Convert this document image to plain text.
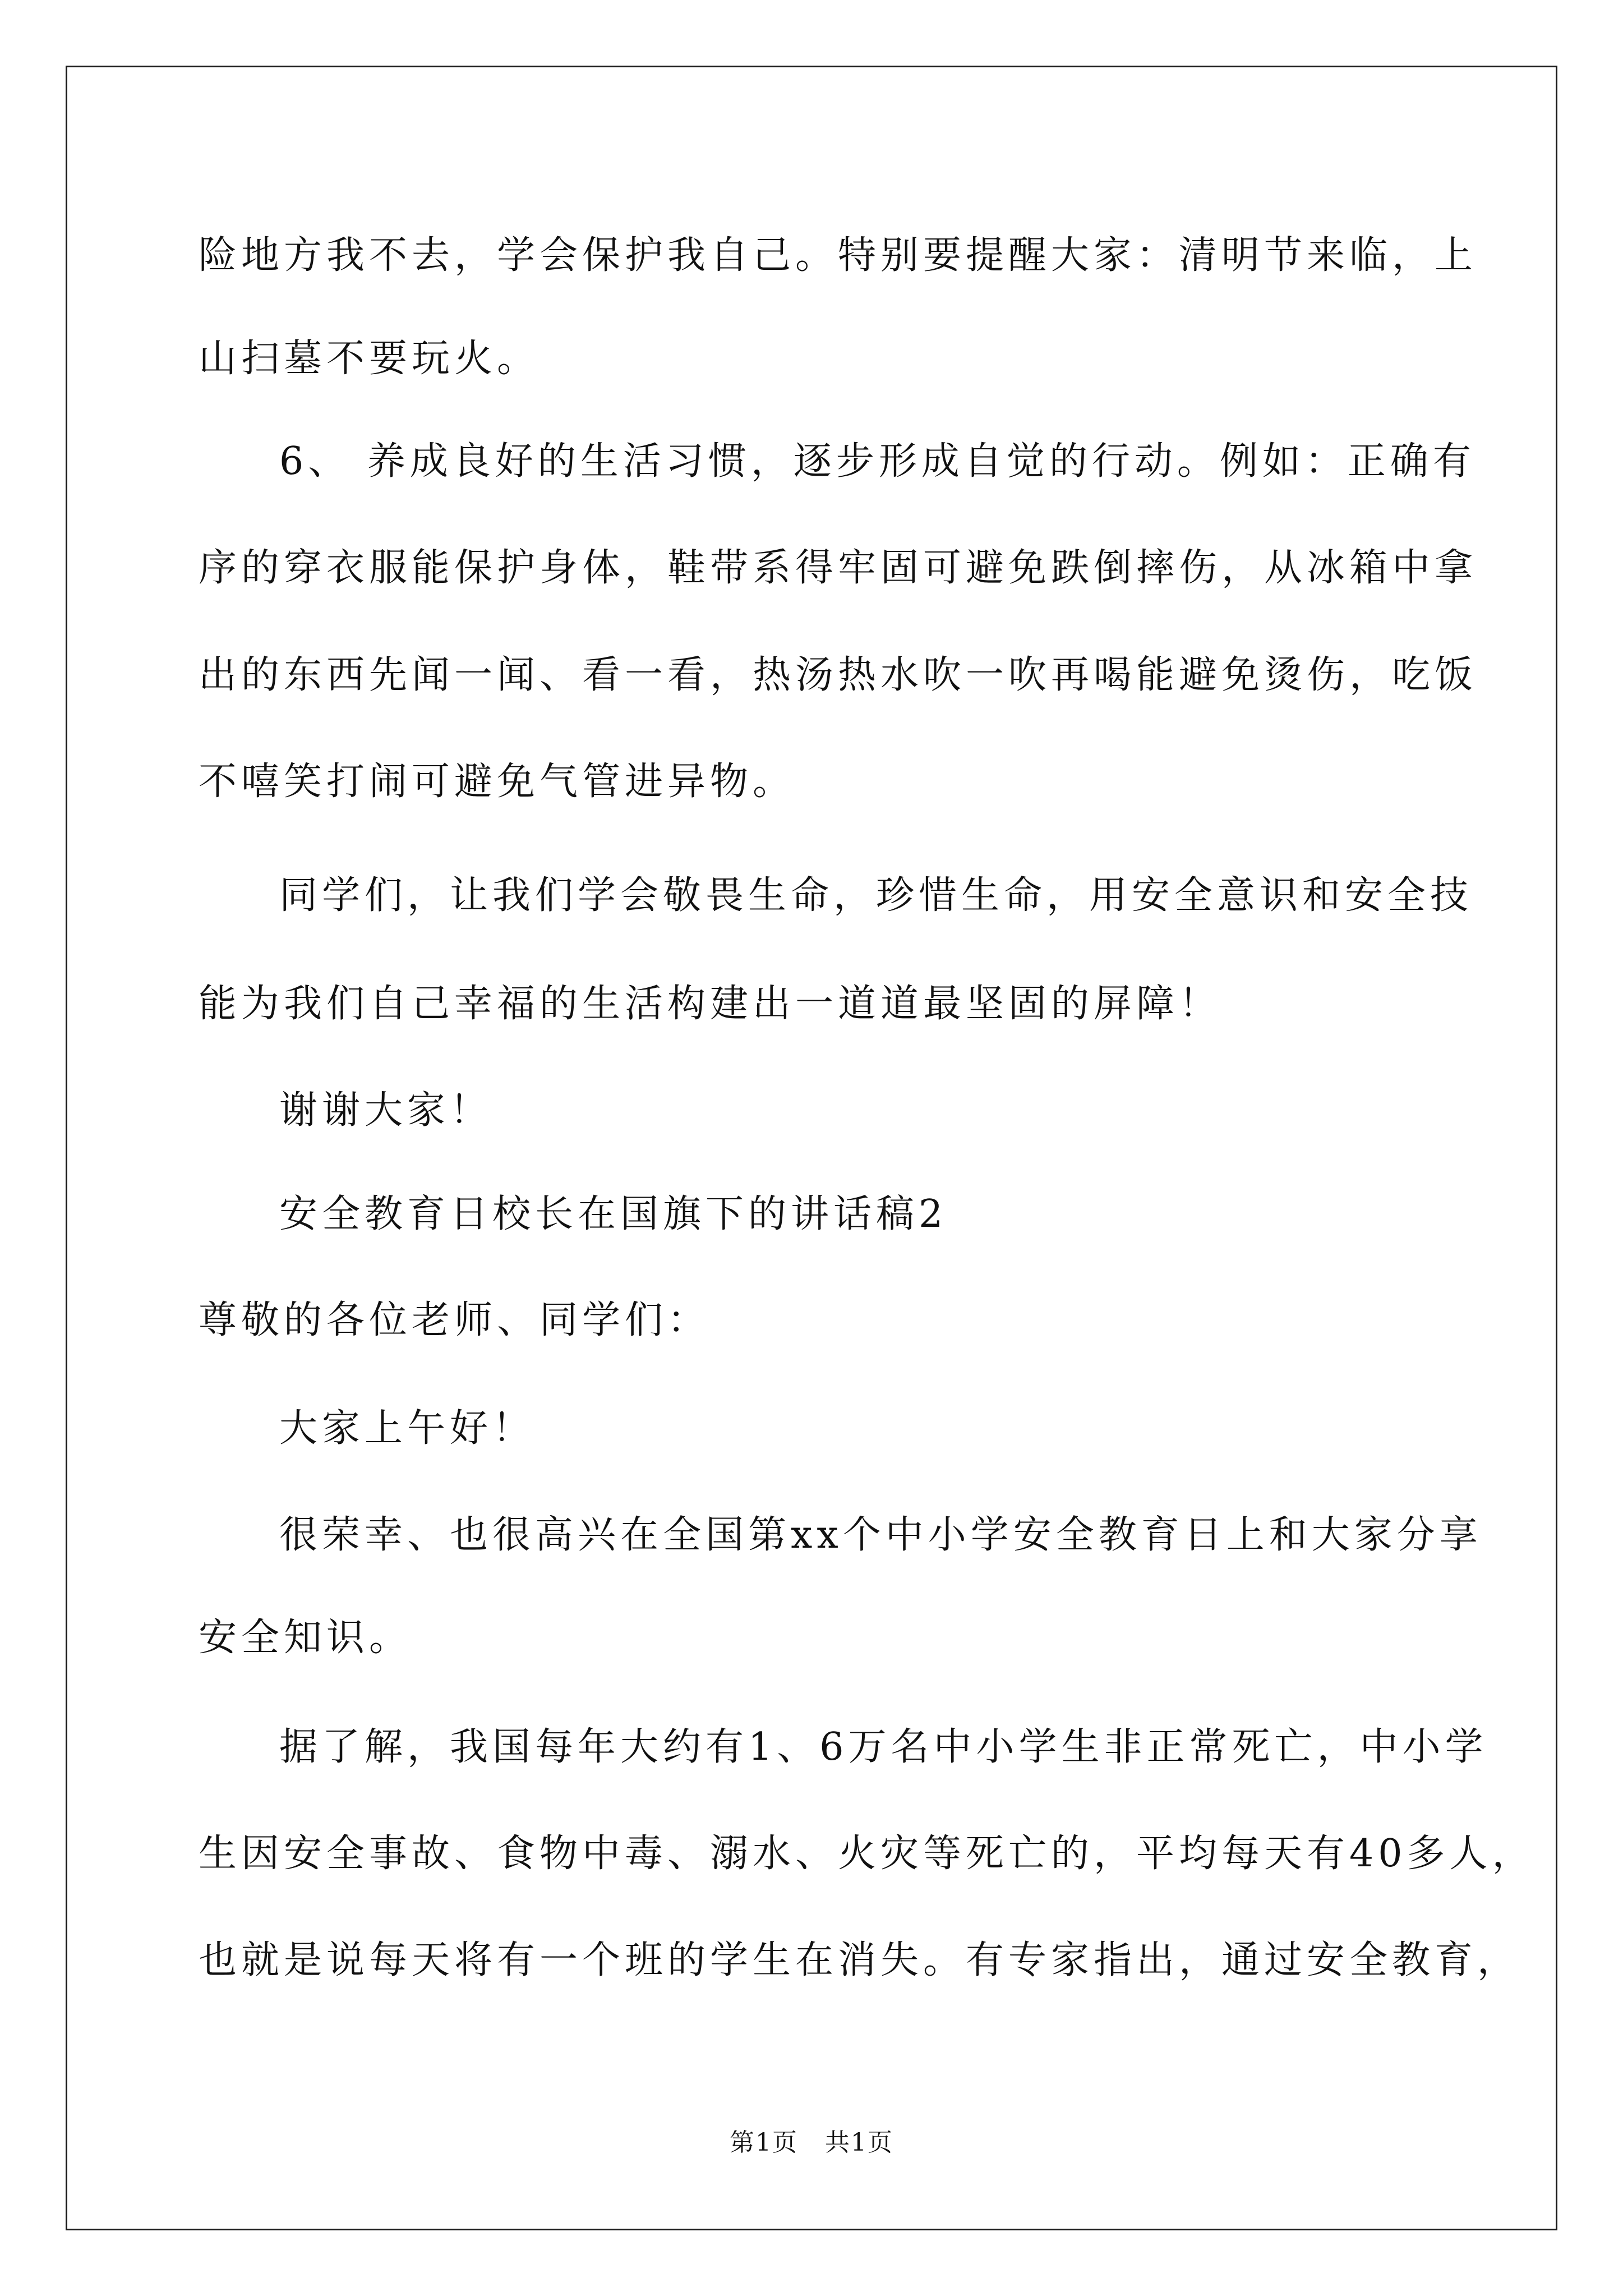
险地方我不去，学会保护我自己。特别要提醒大家：清明节来临，上
山扫墓不要玩火。
6、 养成良好的生活习惯，逐步形成自觉的行动。例如：正确有
序的穿衣服能保护身体，鞋带系得牢固可避免跌倒摔伤，从冰箱中拿
出的东西先闻一闻、看一看，热汤热水吹一吹再喝能避免烫伤，吃饭
不嘻笑打闹可避免气管进异物。
同学们，让我们学会敬畏生命，珍惜生命，用安全意识和安全技
能为我们自己幸福的生活构建出一道道最坚固的屏障！
谢谢大家！
安全教育日校长在国旗下的讲话稿2
尊敬的各位老师、同学们：
大家上午好！
很荣幸、也很高兴在全国第xx个中小学安全教育日上和大家分享
安全知识。
据了解，我国每年大约有1、6万名中小学生非正常死亡，中小学
生因安全事故、食物中毒、溺水、火灾等死亡的，平均每天有40多人，
也就是说每天将有一个班的学生在消失。有专家指出，通过安全教育，
第1页   共1页
